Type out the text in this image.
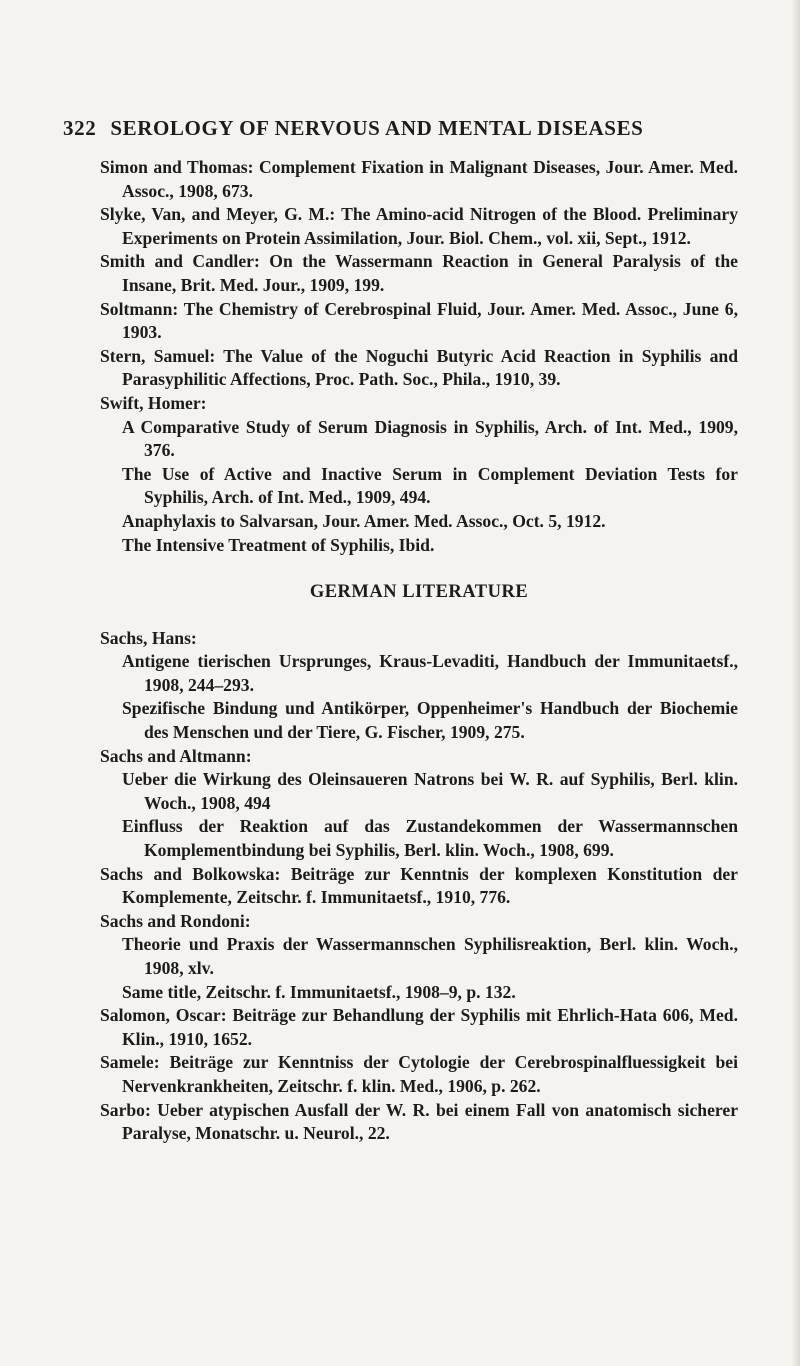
322 SEROLOGY OF NERVOUS AND MENTAL DISEASES

Simon and Thomas: Complement Fixation in Malignant Diseases, Jour. Amer. Med. Assoc., 1908, 673.

Slyke, Van, and Meyer, G. M.: The Amino-acid Nitrogen of the Blood. Preliminary Experiments on Protein Assimilation, Jour. Biol. Chem., vol. xii, Sept., 1912.

Smith and Candler: On the Wassermann Reaction in General Paralysis of the Insane, Brit. Med. Jour., 1909, 199.

Soltmann: The Chemistry of Cerebrospinal Fluid, Jour. Amer. Med. Assoc., June 6, 1903.

Stern, Samuel: The Value of the Noguchi Butyric Acid Reaction in Syphilis and Parasyphilitic Affections, Proc. Path. Soc., Phila., 1910, 39.

Swift, Homer:

A Comparative Study of Serum Diagnosis in Syphilis, Arch. of Int. Med., 1909, 376.

The Use of Active and Inactive Serum in Complement Deviation Tests for Syphilis, Arch. of Int. Med., 1909, 494.

Anaphylaxis to Salvarsan, Jour. Amer. Med. Assoc., Oct. 5, 1912.

The Intensive Treatment of Syphilis, Ibid.

GERMAN LITERATURE

Sachs, Hans:

Antigene tierischen Ursprunges, Kraus-Levaditi, Handbuch der Immunitaetsf., 1908, 244–293.

Spezifische Bindung und Antikörper, Oppenheimer's Handbuch der Biochemie des Menschen und der Tiere, G. Fischer, 1909, 275.

Sachs and Altmann:

Ueber die Wirkung des Oleinsaueren Natrons bei W. R. auf Syphilis, Berl. klin. Woch., 1908, 494

Einfluss der Reaktion auf das Zustandekommen der Wassermannschen Komplementbindung bei Syphilis, Berl. klin. Woch., 1908, 699.

Sachs and Bolkowska: Beiträge zur Kenntnis der komplexen Konstitution der Komplemente, Zeitschr. f. Immunitaetsf., 1910, 776.

Sachs and Rondoni:

Theorie und Praxis der Wassermannschen Syphilisreaktion, Berl. klin. Woch., 1908, xlv.

Same title, Zeitschr. f. Immunitaetsf., 1908–9, p. 132.

Salomon, Oscar: Beiträge zur Behandlung der Syphilis mit Ehrlich-Hata 606, Med. Klin., 1910, 1652.

Samele: Beiträge zur Kenntniss der Cytologie der Cerebrospinalfluessigkeit bei Nervenkrankheiten, Zeitschr. f. klin. Med., 1906, p. 262.

Sarbo: Ueber atypischen Ausfall der W. R. bei einem Fall von anatomisch sicherer Paralyse, Monatschr. u. Neurol., 22.
